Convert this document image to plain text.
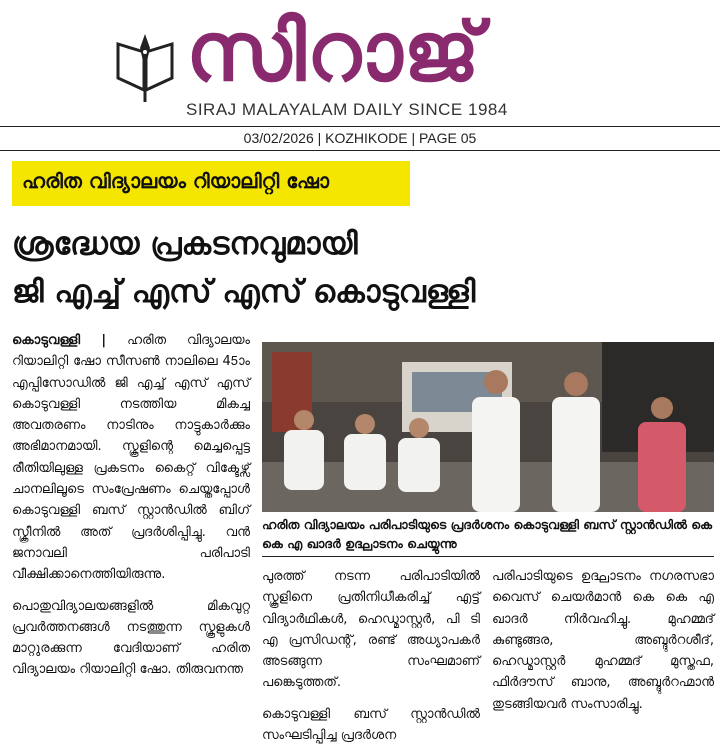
സിറാജ്
SIRAJ MALAYALAM DAILY SINCE 1984
03/02/2026 | KOZHIKODE | PAGE 05
ഹരിത വിദ്യാലയം റിയാലിറ്റി ഷോ
ശ്രദ്ധേയ പ്രകടനവുമായി
ജി എച്ച് എസ് എസ് കൊടുവള്ളി

കൊടുവള്ളി | ഹരിത വിദ്യാലയം റിയാലിറ്റി ഷോ സീസൺ നാലിലെ 45ാം എപ്പിസോഡിൽ ജി എച്ച് എസ് എസ് കൊടുവള്ളി നടത്തിയ മികച്ച അവതരണം നാടിനും നാട്ടുകാർക്കും അഭിമാനമായി. സ്കൂളിന്റെ മെച്ചപ്പെട്ട രീതിയിലുള്ള പ്രകടനം കൈറ്റ് വിക്ടേഴ്സ് ചാനലിലൂടെ സംപ്രേഷണം ചെയ്തപ്പോൾ കൊടുവള്ളി ബസ് സ്റ്റാൻഡിൽ ബിഗ് സ്ക്രീനിൽ അത് പ്രദർശിപ്പിച്ചു. വൻ ജനാവലി പരിപാടി വീക്ഷിക്കാനെത്തിയിരുന്നു.

പൊതുവിദ്യാലയങ്ങളിൽ മികവുറ്റ പ്രവർത്തനങ്ങൾ നടത്തുന്ന സ്കൂളുകൾ മാറ്റുരക്കുന്ന വേദിയാണ് ഹരിത വിദ്യാലയം റിയാലിറ്റി ഷോ. തിരുവനന്ത

ഹരിത വിദ്യാലയം പരിപാടിയുടെ പ്രദർശനം കൊടുവള്ളി ബസ് സ്റ്റാൻഡിൽ കെ കെ എ ഖാദർ ഉദ്ഘാടനം ചെയ്യുന്നു

പുരത്ത് നടന്ന പരിപാടിയിൽ സ്കൂളിനെ പ്രതിനിധീകരിച്ച് എട്ട് വിദ്യാർഥികൾ, ഹെഡ്മാസ്റ്റർ, പി ടി എ പ്രസിഡന്റ്, രണ്ട് അധ്യാപകർ അടങ്ങുന്ന സംഘമാണ് പങ്കെടുത്തത്.

കൊടുവള്ളി ബസ് സ്റ്റാൻഡിൽ സംഘടിപ്പിച്ച പ്രദർശന

പരിപാടിയുടെ ഉദ്ഘാടനം നഗരസഭാ വൈസ് ചെയർമാൻ കെ കെ എ ഖാദർ നിർവഹിച്ചു. മുഹമ്മദ് കുണ്ടുങ്ങര, അബ്ദുർറശീദ്, ഹെഡ്മാസ്റ്റർ മുഹമ്മദ് മുസ്തഫ, ഫിർദൗസ് ബാനു, അബ്ദുർറഹ്മാൻ തുടങ്ങിയവർ സംസാരിച്ചു.
